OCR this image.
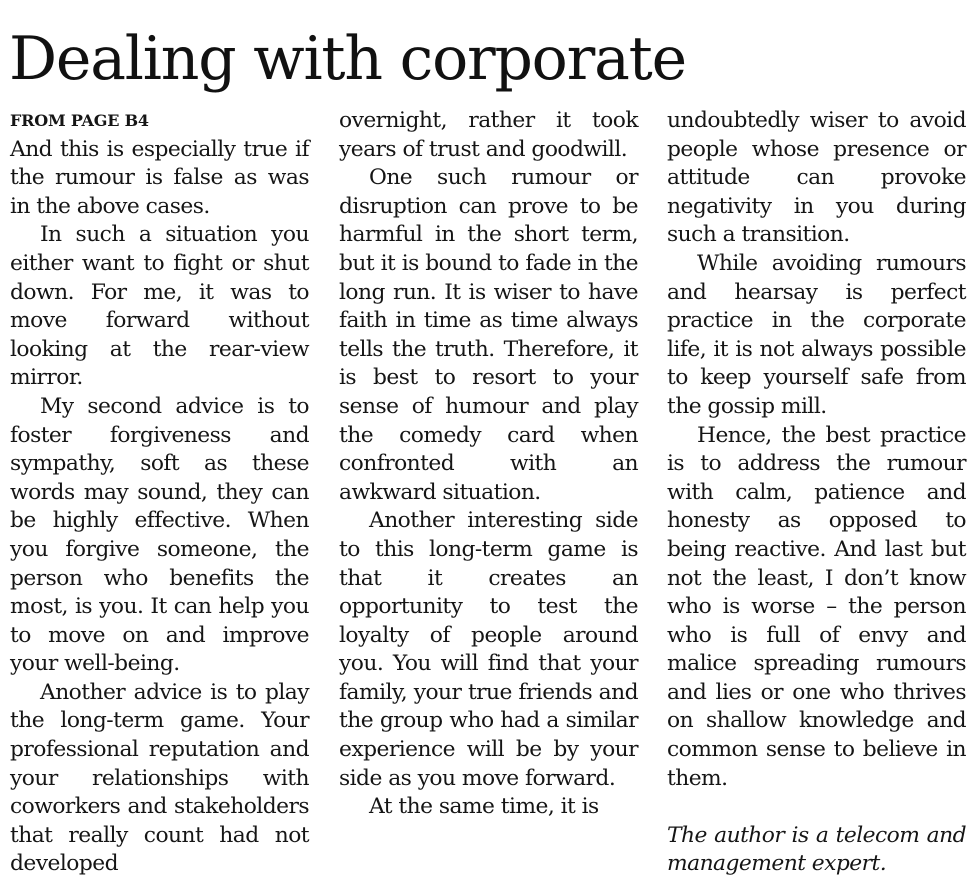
Dealing with corporate
FROM PAGE B4
And this is especially true if the rumour is false as was in the above cases.
In such a situation you either want to fight or shut down. For me, it was to move forward without looking at the rear-view mirror.
My second advice is to foster forgiveness and sympathy, soft as these words may sound, they can be highly effective. When you forgive someone, the person who benefits the most, is you. It can help you to move on and improve your well-being.
Another advice is to play the long-term game. Your professional reputation and your relationships with coworkers and stakeholders that really count had not developed
overnight, rather it took years of trust and goodwill.
One such rumour or disruption can prove to be harmful in the short term, but it is bound to fade in the long run. It is wiser to have faith in time as time always tells the truth. Therefore, it is best to resort to your sense of humour and play the comedy card when confronted with an awkward situation.
Another interesting side to this long-term game is that it creates an opportunity to test the loyalty of people around you. You will find that your family, your true friends and the group who had a similar experience will be by your side as you move forward.
At the same time, it is
undoubtedly wiser to avoid people whose presence or attitude can provoke negativity in you during such a transition.
While avoiding rumours and hearsay is perfect practice in the corporate life, it is not always possible to keep yourself safe from the gossip mill.
Hence, the best practice is to address the rumour with calm, patience and honesty as opposed to being reactive. And last but not the least, I don’t know who is worse – the person who is full of envy and malice spreading rumours and lies or one who thrives on shallow knowledge and common sense to believe in them.
The author is a telecom and management expert.
